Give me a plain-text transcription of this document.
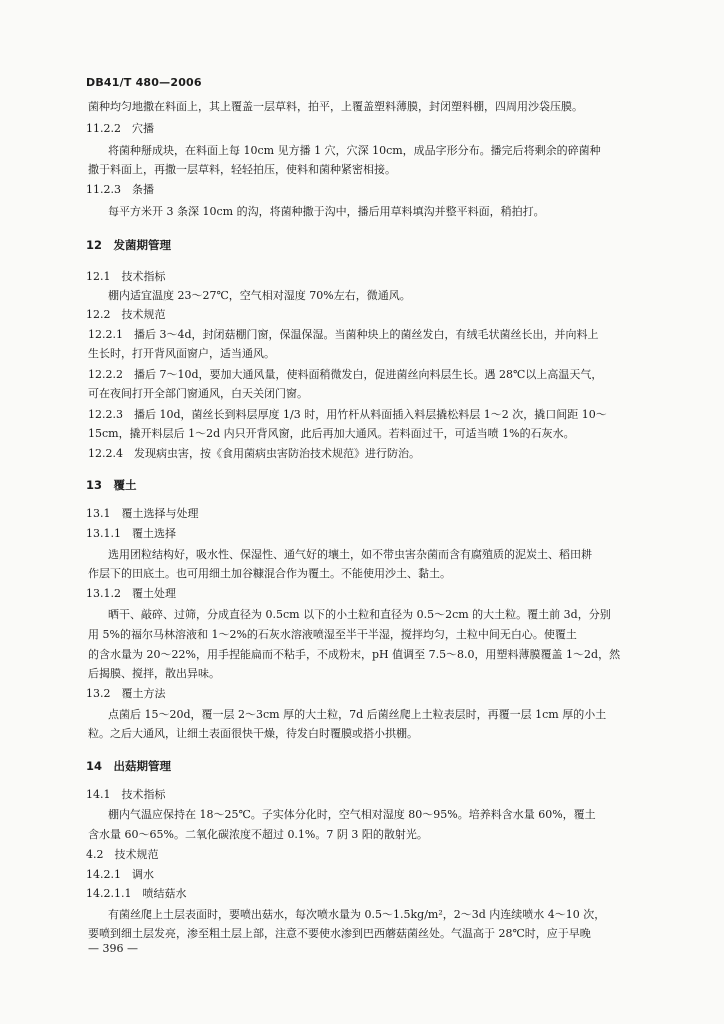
DB41/T 480—2006
菌种均匀地撒在料面上，其上覆盖一层草料，拍平，上覆盖塑料薄膜，封闭塑料棚，四周用沙袋压膜。
11.2.2　穴播
将菌种掰成块，在料面上每 10cm 见方播 1 穴，穴深 10cm，成品字形分布。播完后将剩余的碎菌种
撒于料面上，再撒一层草料，轻轻拍压，使料和菌种紧密相接。
11.2.3　条播
每平方米开 3 条深 10cm 的沟，将菌种撒于沟中，播后用草料填沟并整平料面，稍拍打。
12　发菌期管理
12.1　技术指标
棚内适宜温度 23～27℃，空气相对湿度 70%左右，微通风。
12.2　技术规范
12.2.1　播后 3～4d，封闭菇棚门窗，保温保湿。当菌种块上的菌丝发白，有绒毛状菌丝长出，并向料上
生长时，打开背风面窗户，适当通风。
12.2.2　播后 7～10d，要加大通风量，使料面稍微发白，促进菌丝向料层生长。遇 28℃以上高温天气，
可在夜间打开全部门窗通风，白天关闭门窗。
12.2.3　播后 10d，菌丝长到料层厚度 1/3 时，用竹杆从料面插入料层撬松料层 1～2 次，撬口间距 10～
15cm，撬开料层后 1～2d 内只开背风窗，此后再加大通风。若料面过干，可适当喷 1%的石灰水。
12.2.4　发现病虫害，按《食用菌病虫害防治技术规范》进行防治。
13　覆土
13.1　覆土选择与处理
13.1.1　覆土选择
选用团粒结构好，吸水性、保湿性、通气好的壤土，如不带虫害杂菌而含有腐殖质的泥炭土、稻田耕
作层下的田底土。也可用细土加谷糠混合作为覆土。不能使用沙土、黏土。
13.1.2　覆土处理
晒干、敲碎、过筛，分成直径为 0.5cm 以下的小土粒和直径为 0.5～2cm 的大土粒。覆土前 3d，分别
用 5%的福尔马林溶液和 1～2%的石灰水溶液喷湿至半干半湿，搅拌均匀，土粒中间无白心。使覆土
的含水量为 20～22%，用手捏能扁而不粘手，不成粉末，pH 值调至 7.5～8.0，用塑料薄膜覆盖 1～2d，然
后揭膜、搅拌，散出异味。
13.2　覆土方法
点菌后 15～20d，覆一层 2～3cm 厚的大土粒，7d 后菌丝爬上土粒表层时，再覆一层 1cm 厚的小土
粒。之后大通风，让细土表面很快干燥，待发白时覆膜或搭小拱棚。
14　出菇期管理
14.1　技术指标
棚内气温应保持在 18～25℃。子实体分化时，空气相对湿度 80～95%。培养料含水量 60%，覆土
含水量 60～65%。二氧化碳浓度不超过 0.1%。7 阴 3 阳的散射光。
4.2　技术规范
14.2.1　调水
14.2.1.1　喷结菇水
有菌丝爬上土层表面时，要喷出菇水，每次喷水量为 0.5～1.5kg/m²，2～3d 内连续喷水 4～10 次，
要喷到细土层发亮，渗至粗土层上部，注意不要使水渗到巴西蘑菇菌丝处。气温高于 28℃时，应于早晚
— 396 —
